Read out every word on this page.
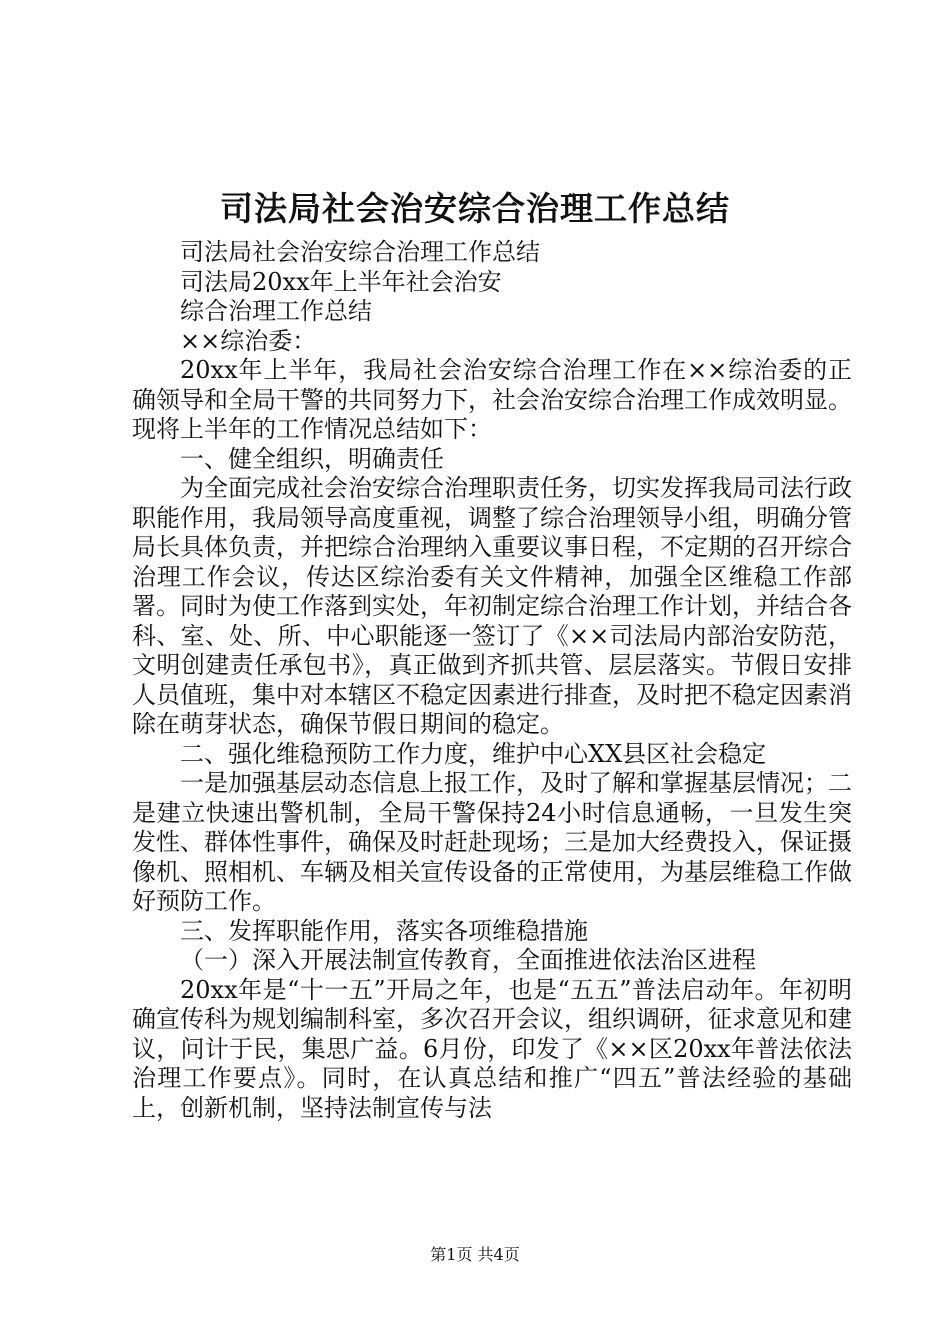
司法局社会治安综合治理工作总结

司法局社会治安综合治理工作总结

司法局20xx年上半年社会治安

综合治理工作总结

××综治委：

20xx年上半年，我局社会治安综合治理工作在××综治委的正确领导和全局干警的共同努力下，社会治安综合治理工作成效明显。现将上半年的工作情况总结如下：

一、健全组织，明确责任

为全面完成社会治安综合治理职责任务，切实发挥我局司法行政职能作用，我局领导高度重视，调整了综合治理领导小组，明确分管局长具体负责，并把综合治理纳入重要议事日程，不定期的召开综合治理工作会议，传达区综治委有关文件精神，加强全区维稳工作部署。同时为使工作落到实处，年初制定综合治理工作计划，并结合各科、室、处、所、中心职能逐一签订了《××司法局内部治安防范，文明创建责任承包书》，真正做到齐抓共管、层层落实。节假日安排人员值班，集中对本辖区不稳定因素进行排查，及时把不稳定因素消除在萌芽状态，确保节假日期间的稳定。

二、强化维稳预防工作力度，维护中心XX县区社会稳定

一是加强基层动态信息上报工作，及时了解和掌握基层情况；二是建立快速出警机制，全局干警保持24小时信息通畅，一旦发生突发性、群体性事件，确保及时赶赴现场；三是加大经费投入，保证摄像机、照相机、车辆及相关宣传设备的正常使用，为基层维稳工作做好预防工作。

三、发挥职能作用，落实各项维稳措施

（一）深入开展法制宣传教育，全面推进依法治区进程

20xx年是“十一五”开局之年，也是“五五”普法启动年。年初明确宣传科为规划编制科室，多次召开会议，组织调研，征求意见和建议，问计于民，集思广益。6月份，印发了《××区20xx年普法依法治理工作要点》。同时，在认真总结和推广“四五”普法经验的基础上，创新机制，坚持法制宣传与法

第1页 共4页
